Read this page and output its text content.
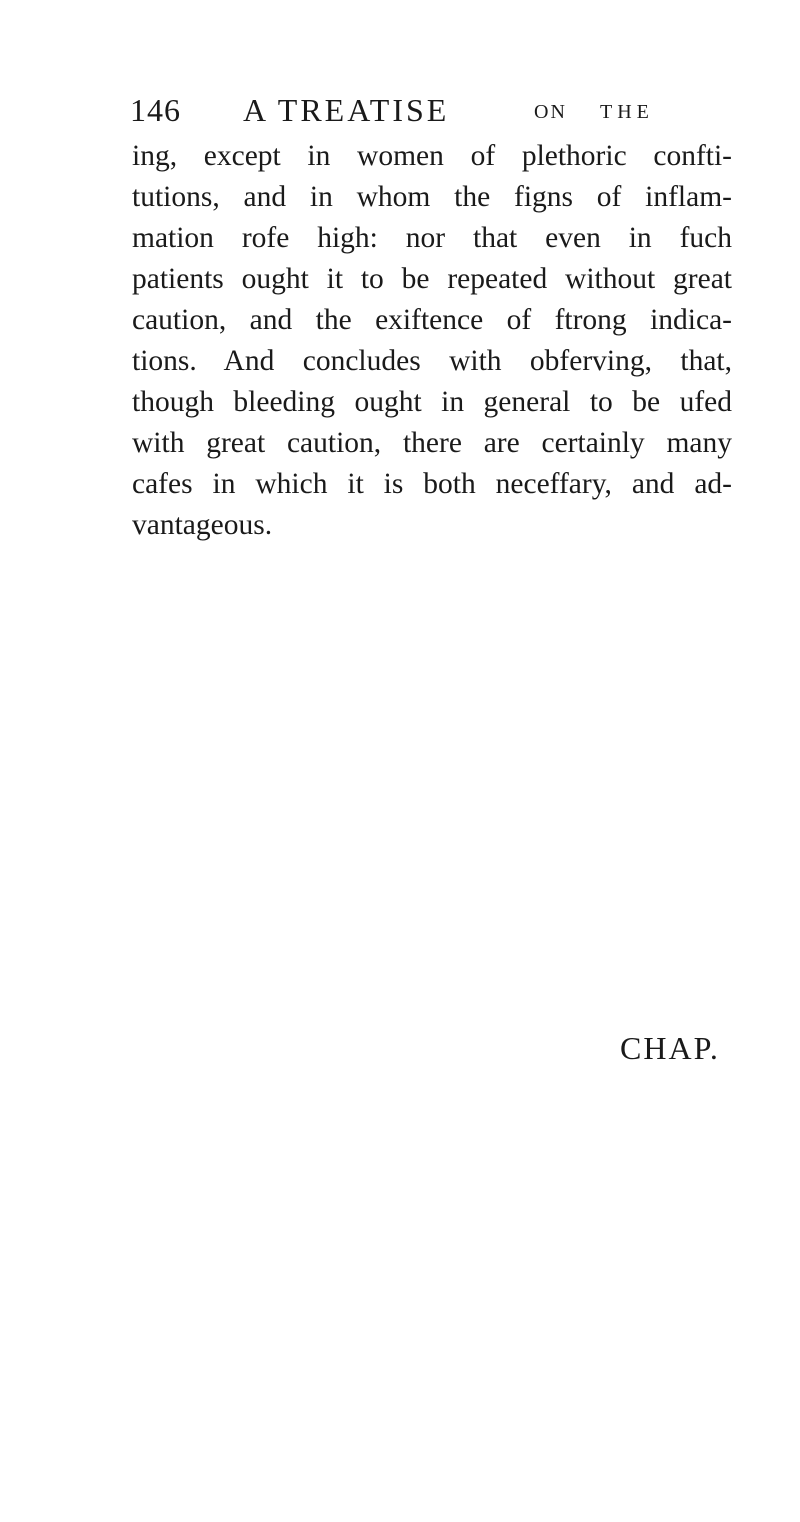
146 A TREATISE	ON THE
ing, except in women of plethoric confti-
tutions, and in whom the figns of inflam-
mation rofe high: nor that even in fuch
patients ought it to be repeated without great
caution, and the exiftence of ftrong indica-
tions. And concludes with obferving, that,
though bleeding ought in general to be ufed
with great caution, there are certainly many
cafes in which it is both neceffary, and ad-
vantageous.
CHAP.
